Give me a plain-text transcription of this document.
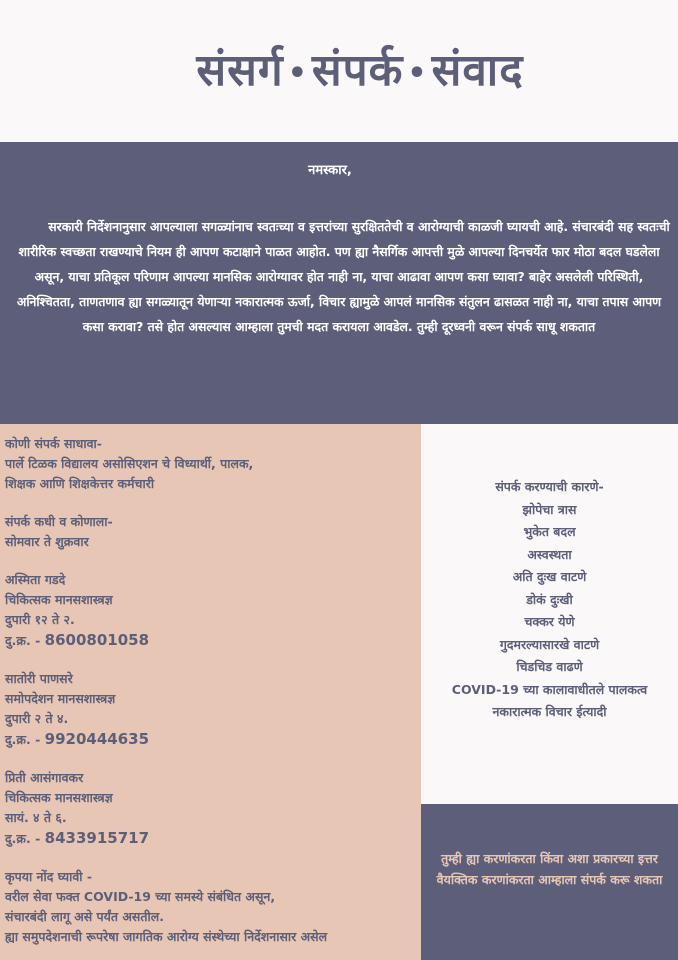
संसर्ग •संपर्क •संवाद
नमस्कार,
सरकारी निर्देशनानुसार आपल्याला सगळ्यांनाच स्वतःच्या व इत्तरांच्या सुरक्षिततेची व आरोग्याची काळजी घ्यायची आहे. संचारबंदी सह स्वतःची शारीरिक स्वच्छता राखण्याचे नियम ही आपण कटाक्षाने पाळत आहोत. पण ह्या नैसर्गिक आपत्ती मुळे आपल्या दिनचर्येत फार मोठा बदल घडलेला असून, याचा प्रतिकूल परिणाम आपल्या मानसिक आरोग्यावर होत नाही ना, याचा आढावा आपण कसा घ्यावा? बाहेर असलेली परिस्थिती, अनिश्चितता, ताणतणाव ह्या सगळ्यातून येणाऱ्या नकारात्मक ऊर्जा, विचार ह्यामुळे आपलं मानसिक संतुलन ढासळत नाही ना, याचा तपास आपण कसा करावा? तसे होत असल्यास आम्हाला तुमची मदत करायला आवडेल. तुम्ही दूरध्वनी वरून संपर्क साधू शकतात
कोणी संपर्क साधावा-
पार्ले टिळक विद्यालय असोसिएशन चे विध्यार्थी, पालक,
शिक्षक आणि शिक्षकेत्तर कर्मचारी
संपर्क कधी व कोणाला-
सोमवार ते शुक्रवार
अस्मिता गडदे
चिकित्सक मानसशास्त्रज्ञ
दुपारी १२ ते २.
दु.क्र. - 8600801058
सातोरी पाणसरे
समोपदेशन मानसशास्त्रज्ञ
दुपारी २ ते ४.
दु.क्र. - 9920444635
प्रिती आसंगावकर
चिकित्सक मानसशास्त्रज्ञ
सायं. ४ ते ६.
दु.क्र. - 8433915717
कृपया नोंद घ्यावी -
वरील सेवा फक्त COVID-19 च्या समस्ये संबंधित असून,
संचारबंदी लागू असे पर्यंत असतील.
ह्या समुपदेशनाची रूपरेषा जागतिक आरोग्य संस्थेच्या निर्देशनासार असेल
संपर्क करण्याची कारणे-
झोपेचा त्रास
भुकेत बदल
अस्वस्थता
अति दुःख वाटणे
डोकं दुःखी
चक्कर येणे
गुदमरल्यासारखे वाटणे
चिडचिड वाढणे
COVID-19 च्या कालावाधीतले पालकत्व
नकारात्मक विचार ईत्यादी
तुम्ही ह्या करणांकरता किंवा अशा प्रकारच्या इत्तर वैयक्तिक करणांकरता आम्हाला संपर्क करू शकता
